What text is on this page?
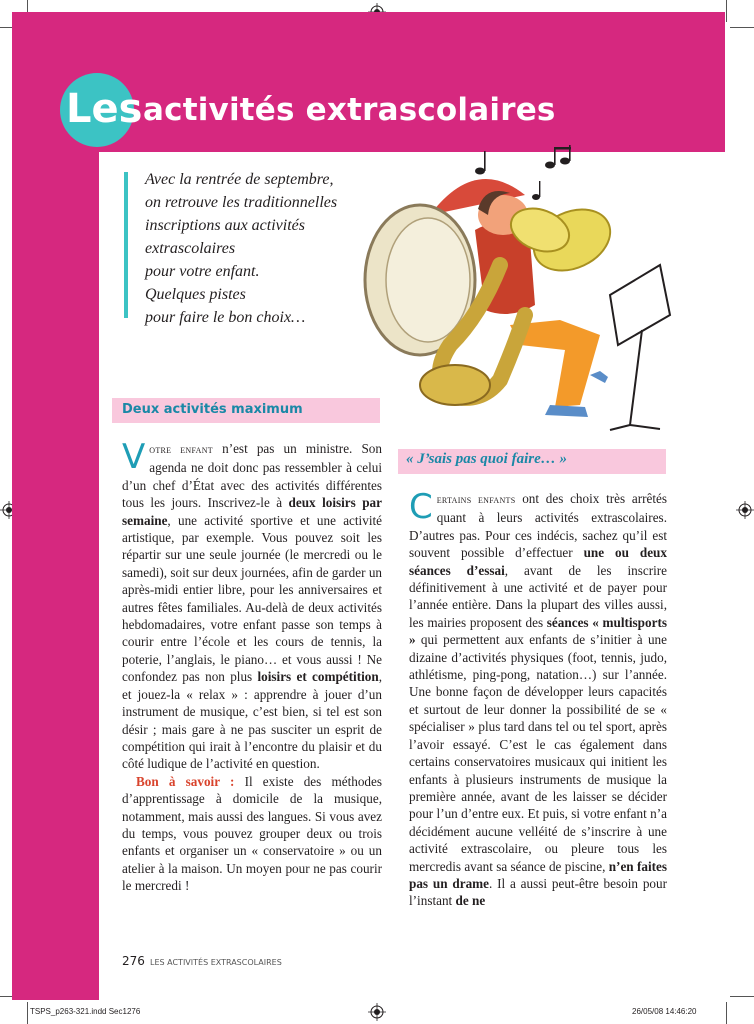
Les activités extrascolaires
Avec la rentrée de septembre,
on retrouve les traditionnelles
inscriptions aux activités
extrascolaires
pour votre enfant.
Quelques pistes
pour faire le bon choix…
Deux activités maximum
« J’sais pas quoi faire… »

Votre enfant n’est pas un ministre. Son agenda ne doit donc pas ressembler à celui d’un chef d’État avec des activités différentes tous les jours. Inscrivez-le à deux loisirs par semaine, une activité sportive et une activité artistique, par exemple. Vous pouvez soit les répartir sur une seule journée (le mercredi ou le samedi), soit sur deux journées, afin de garder un après-midi entier libre, pour les anniversaires et autres fêtes familiales. Au-delà de deux activités hebdomadaires, votre enfant passe son temps à courir entre l’école et les cours de tennis, la poterie, l’anglais, le piano… et vous aussi ! Ne confondez pas non plus loisirs et compétition, et jouez-la « relax » : apprendre à jouer d’un instrument de musique, c’est bien, si tel est son désir ; mais gare à ne pas susciter un esprit de compétition qui irait à l’encontre du plaisir et du côté ludique de l’activité en question.

Bon à savoir : Il existe des méthodes d’apprentissage à domicile de la musique, notamment, mais aussi des langues. Si vous avez du temps, vous pouvez grouper deux ou trois enfants et organiser un « conservatoire » ou un atelier à la maison. Un moyen pour ne pas courir le mercredi !

Certains enfants ont des choix très arrêtés quant à leurs activités extrascolaires. D’autres pas. Pour ces indécis, sachez qu’il est souvent possible d’effectuer une ou deux séances d’essai, avant de les inscrire définitivement à une activité et de payer pour l’année entière. Dans la plupart des villes aussi, les mairies proposent des séances « multisports » qui permettent aux enfants de s’initier à une dizaine d’activités physiques (foot, tennis, judo, athlétisme, ping-pong, natation…) sur l’année. Une bonne façon de développer leurs capacités et surtout de leur donner la possibilité de se « spécialiser » plus tard dans tel ou tel sport, après l’avoir essayé. C’est le cas également dans certains conservatoires musicaux qui initient les enfants à plusieurs instruments de musique la première année, avant de les laisser se décider pour l’un d’entre eux. Et puis, si votre enfant n’a décidément aucune velléité de s’inscrire à une activité extrascolaire, ou pleure tous les mercredis avant sa séance de piscine, n’en faites pas un drame. Il a aussi peut-être besoin pour l’instant de ne

276 LES ACTIVITÉS EXTRASCOLAIRES
TSPS_p263-321.indd Sec1276	26/05/08 14:46:20
